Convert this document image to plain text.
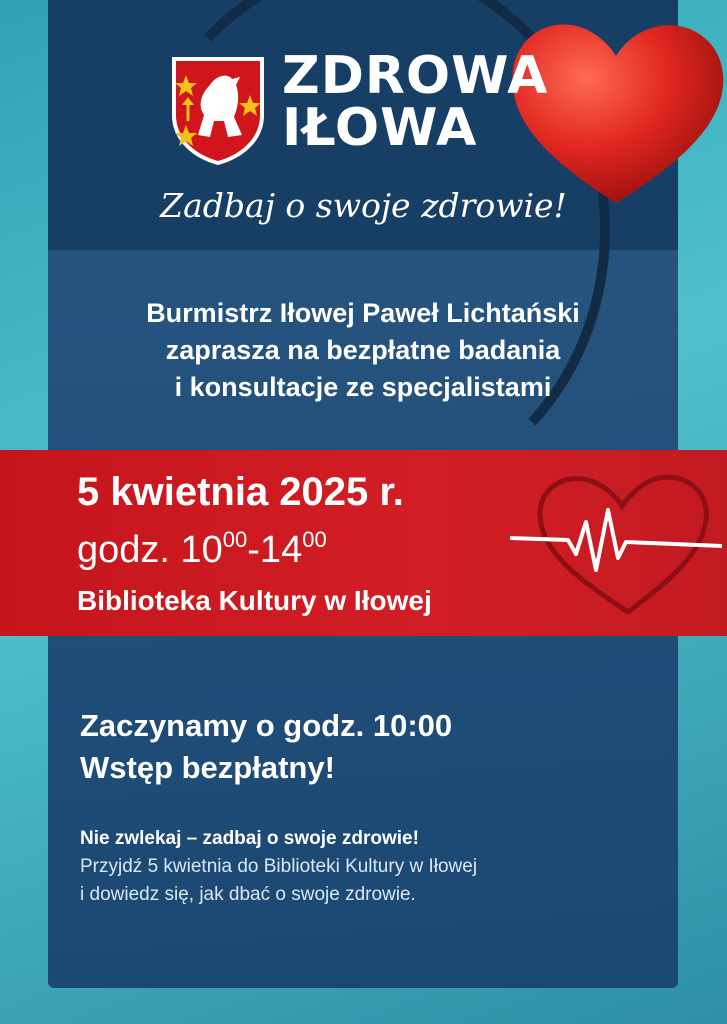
ZDROWA
IŁOWA
Zadbaj o swoje zdrowie!
Burmistrz Iłowej Paweł Lichtański
zaprasza na bezpłatne badania
i konsultacje ze specjalistami
5 kwietnia 2025 r.
godz. $10^{00}-14^{00}$
Biblioteka Kultury w Iłowej
Zaczynamy o godz. 10:00
Wstęp bezpłatny!
Nie zwlekaj – zadbaj o swoje zdrowie!
Przyjdź 5 kwietnia do Biblioteki Kultury w Iłowej
i dowiedz się, jak dbać o swoje zdrowie.
